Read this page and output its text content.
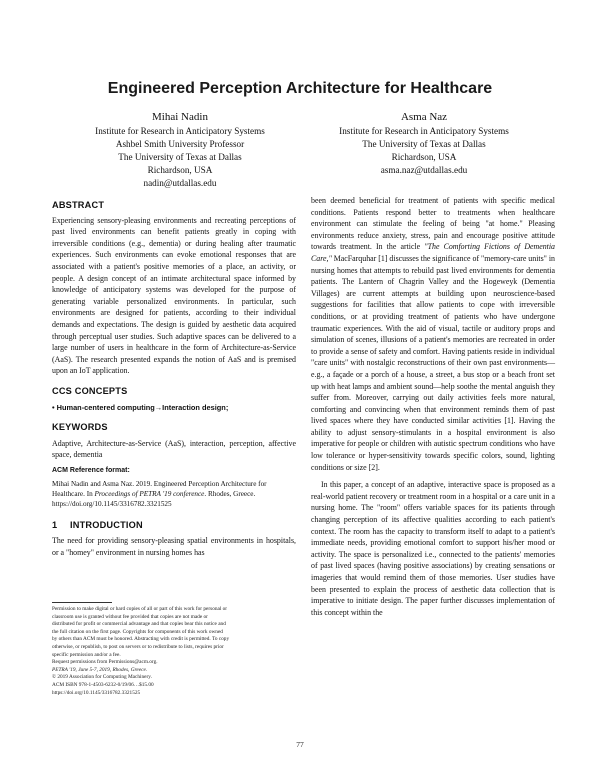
Engineered Perception Architecture for Healthcare
Mihai Nadin
Institute for Research in Anticipatory Systems
Ashbel Smith University Professor
The University of Texas at Dallas
Richardson, USA
nadin@utdallas.edu
Asma Naz
Institute for Research in Anticipatory Systems
The University of Texas at Dallas
Richardson, USA
asma.naz@utdallas.edu
ABSTRACT

Experiencing sensory-pleasing environments and recreating perceptions of past lived environments can benefit patients greatly in coping with irreversible conditions (e.g., dementia) or during healing after traumatic experiences. Such environments can evoke emotional responses that are associated with a patient's positive memories of a place, an activity, or people. A design concept of an intimate architectural space informed by knowledge of anticipatory systems was developed for the purpose of generating variable personalized environments. In particular, such environments are designed for patients, according to their individual demands and expectations. The design is guided by aesthetic data acquired through perceptual user studies. Such adaptive spaces can be delivered to a large number of users in healthcare in the form of Architecture-as-Service (AaS). The research presented expands the notion of AaS and is premised upon an IoT application.

CCS CONCEPTS
• Human-centered computing→Interaction design;
KEYWORDS

Adaptive, Architecture-as-Service (AaS), interaction, perception, affective space, dementia

ACM Reference format:
Mihai Nadin and Asma Naz. 2019. Engineered Perception Architecture for Healthcare. In Proceedings of PETRA '19 conference. Rhodes, Greece. https://doi.org/10.1145/3316782.3321525
1 INTRODUCTION

The need for providing sensory-pleasing spatial environments in hospitals, or a "homey" environment in nursing homes has

Permission to make digital or hard copies of all or part of this work for personal or
classroom use is granted without fee provided that copies are not made or
distributed for profit or commercial advantage and that copies bear this notice and
the full citation on the first page. Copyrights for components of this work owned
by others than ACM must be honored. Abstracting with credit is permitted. To copy
otherwise, or republish, to post on servers or to redistribute to lists, requires prior
specific permission and/or a fee.
Request permissions from Permissions@acm.org.
PETRA '19, June 5-7, 2019, Rhodes, Greece.
© 2019 Association for Computing Machinery.
ACM ISBN 978-1-4503-6232-0/19/06…$15.00
https://doi.org/10.1145/3316782.3321525

been deemed beneficial for treatment of patients with specific medical conditions. Patients respond better to treatments when healthcare environment can stimulate the feeling of being "at home." Pleasing environments reduce anxiety, stress, pain and encourage positive attitude towards treatment. In the article "The Comforting Fictions of Dementia Care," MacFarquhar [1] discusses the significance of "memory-care units" in nursing homes that attempts to rebuild past lived environments for dementia patients. The Lantern of Chagrin Valley and the Hogeweyk (Dementia Villages) are current attempts at building upon neuroscience-based suggestions for facilities that allow patients to cope with irreversible conditions, or at providing treatment of patients who have undergone traumatic experiences. With the aid of visual, tactile or auditory props and simulation of scenes, illusions of a patient's memories are recreated in order to provide a sense of safety and comfort. Having patients reside in individual "care units" with nostalgic reconstructions of their own past environments—e.g., a façade or a porch of a house, a street, a bus stop or a beach front set up with heat lamps and ambient sound—help soothe the mental anguish they suffer from. Moreover, carrying out daily activities feels more natural, comforting and convincing when that environment reminds them of past lived spaces where they have conducted similar activities [1]. Having the ability to adjust sensory-stimulants in a hospital environment is also imperative for people or children with autistic spectrum conditions who have low tolerance or hyper-sensitivity towards specific colors, sound, lighting conditions or size [2].

In this paper, a concept of an adaptive, interactive space is proposed as a real-world patient recovery or treatment room in a hospital or a care unit in a nursing home. The "room" offers variable spaces for its patients through changing perception of its affective qualities according to each patient's context. The room has the capacity to transform itself to adapt to a patient's immediate needs, providing emotional comfort to support his/her mood or activity. The space is personalized i.e., connected to the patients' memories of past lived spaces (having positive associations) by creating sensations or imageries that would remind them of those memories. User studies have been presented to explain the process of aesthetic data collection that is imperative to initiate design. The paper further discusses implementation of this concept within the

77
